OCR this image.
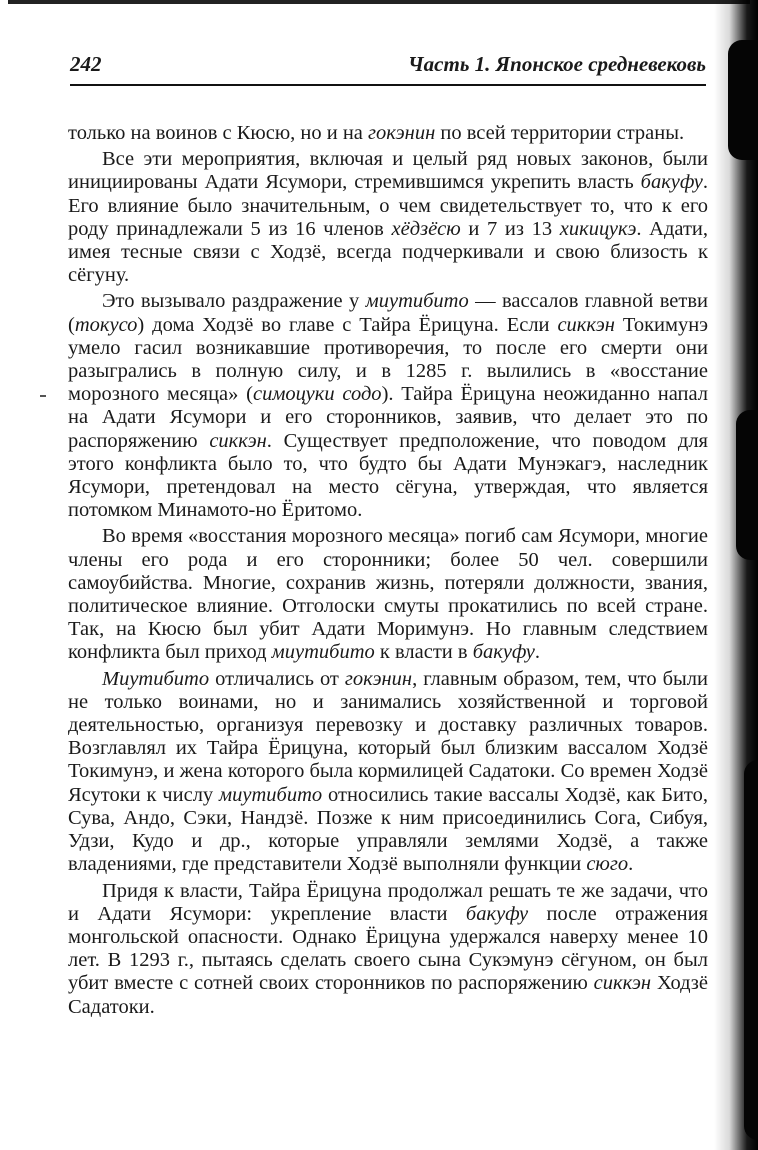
242	Часть 1. Японское средневековь

только на воинов с Кюсю, но и на гокэнин по всей территории страны.

Все эти мероприятия, включая и целый ряд новых законов, были инициированы Адати Ясумори, стремившимся укрепить власть бакуфу. Его влияние было значительным, о чем свидетельствует то, что к его роду принадлежали 5 из 16 членов хёдзёсю и 7 из 13 хикицукэ. Адати, имея тесные связи с Ходзё, всегда подчеркивали и свою близость к сёгуну.

Это вызывало раздражение у миутибито — вассалов главной ветви (токусо) дома Ходзё во главе с Тайра Ёрицуна. Если сиккэн Токимунэ умело гасил возникавшие противоречия, то после его смерти они разыгрались в полную силу, и в 1285 г. вылились в «восстание морозного месяца» (симоцуки содо). Тайра Ёрицуна неожиданно напал на Адати Ясумори и его сторонников, заявив, что делает это по распоряжению сиккэн. Существует предположение, что поводом для этого конфликта было то, что будто бы Адати Мунэкагэ, наследник Ясумори, претендовал на место сёгуна, утверждая, что является потомком Минамото-но Ёритомо.

Во время «восстания морозного месяца» погиб сам Ясумори, многие члены его рода и его сторонники; более 50 чел. совершили самоубийства. Многие, сохранив жизнь, потеряли должности, звания, политическое влияние. Отголоски смуты прокатились по всей стране. Так, на Кюсю был убит Адати Моримунэ. Но главным следствием конфликта был приход миутибито к власти в бакуфу.

Миутибито отличались от гокэнин, главным образом, тем, что были не только воинами, но и занимались хозяйственной и торговой деятельностью, организуя перевозку и доставку различных товаров. Возглавлял их Тайра Ёрицуна, который был близким вассалом Ходзё Токимунэ, и жена которого была кормилицей Садатоки. Со времен Ходзё Ясутоки к числу миутибито относились такие вассалы Ходзё, как Бито, Сува, Андо, Сэки, Нандзё. Позже к ним присоединились Сога, Сибуя, Удзи, Кудо и др., которые управляли землями Ходзё, а также владениями, где представители Ходзё выполняли функции сюго.

Придя к власти, Тайра Ёрицуна продолжал решать те же задачи, что и Адати Ясумори: укрепление власти бакуфу после отражения монгольской опасности. Однако Ёрицуна удержался наверху менее 10 лет. В 1293 г., пытаясь сделать своего сына Сукэмунэ сёгуном, он был убит вместе с сотней своих сторонников по распоряжению сиккэн Ходзё Садатоки.
